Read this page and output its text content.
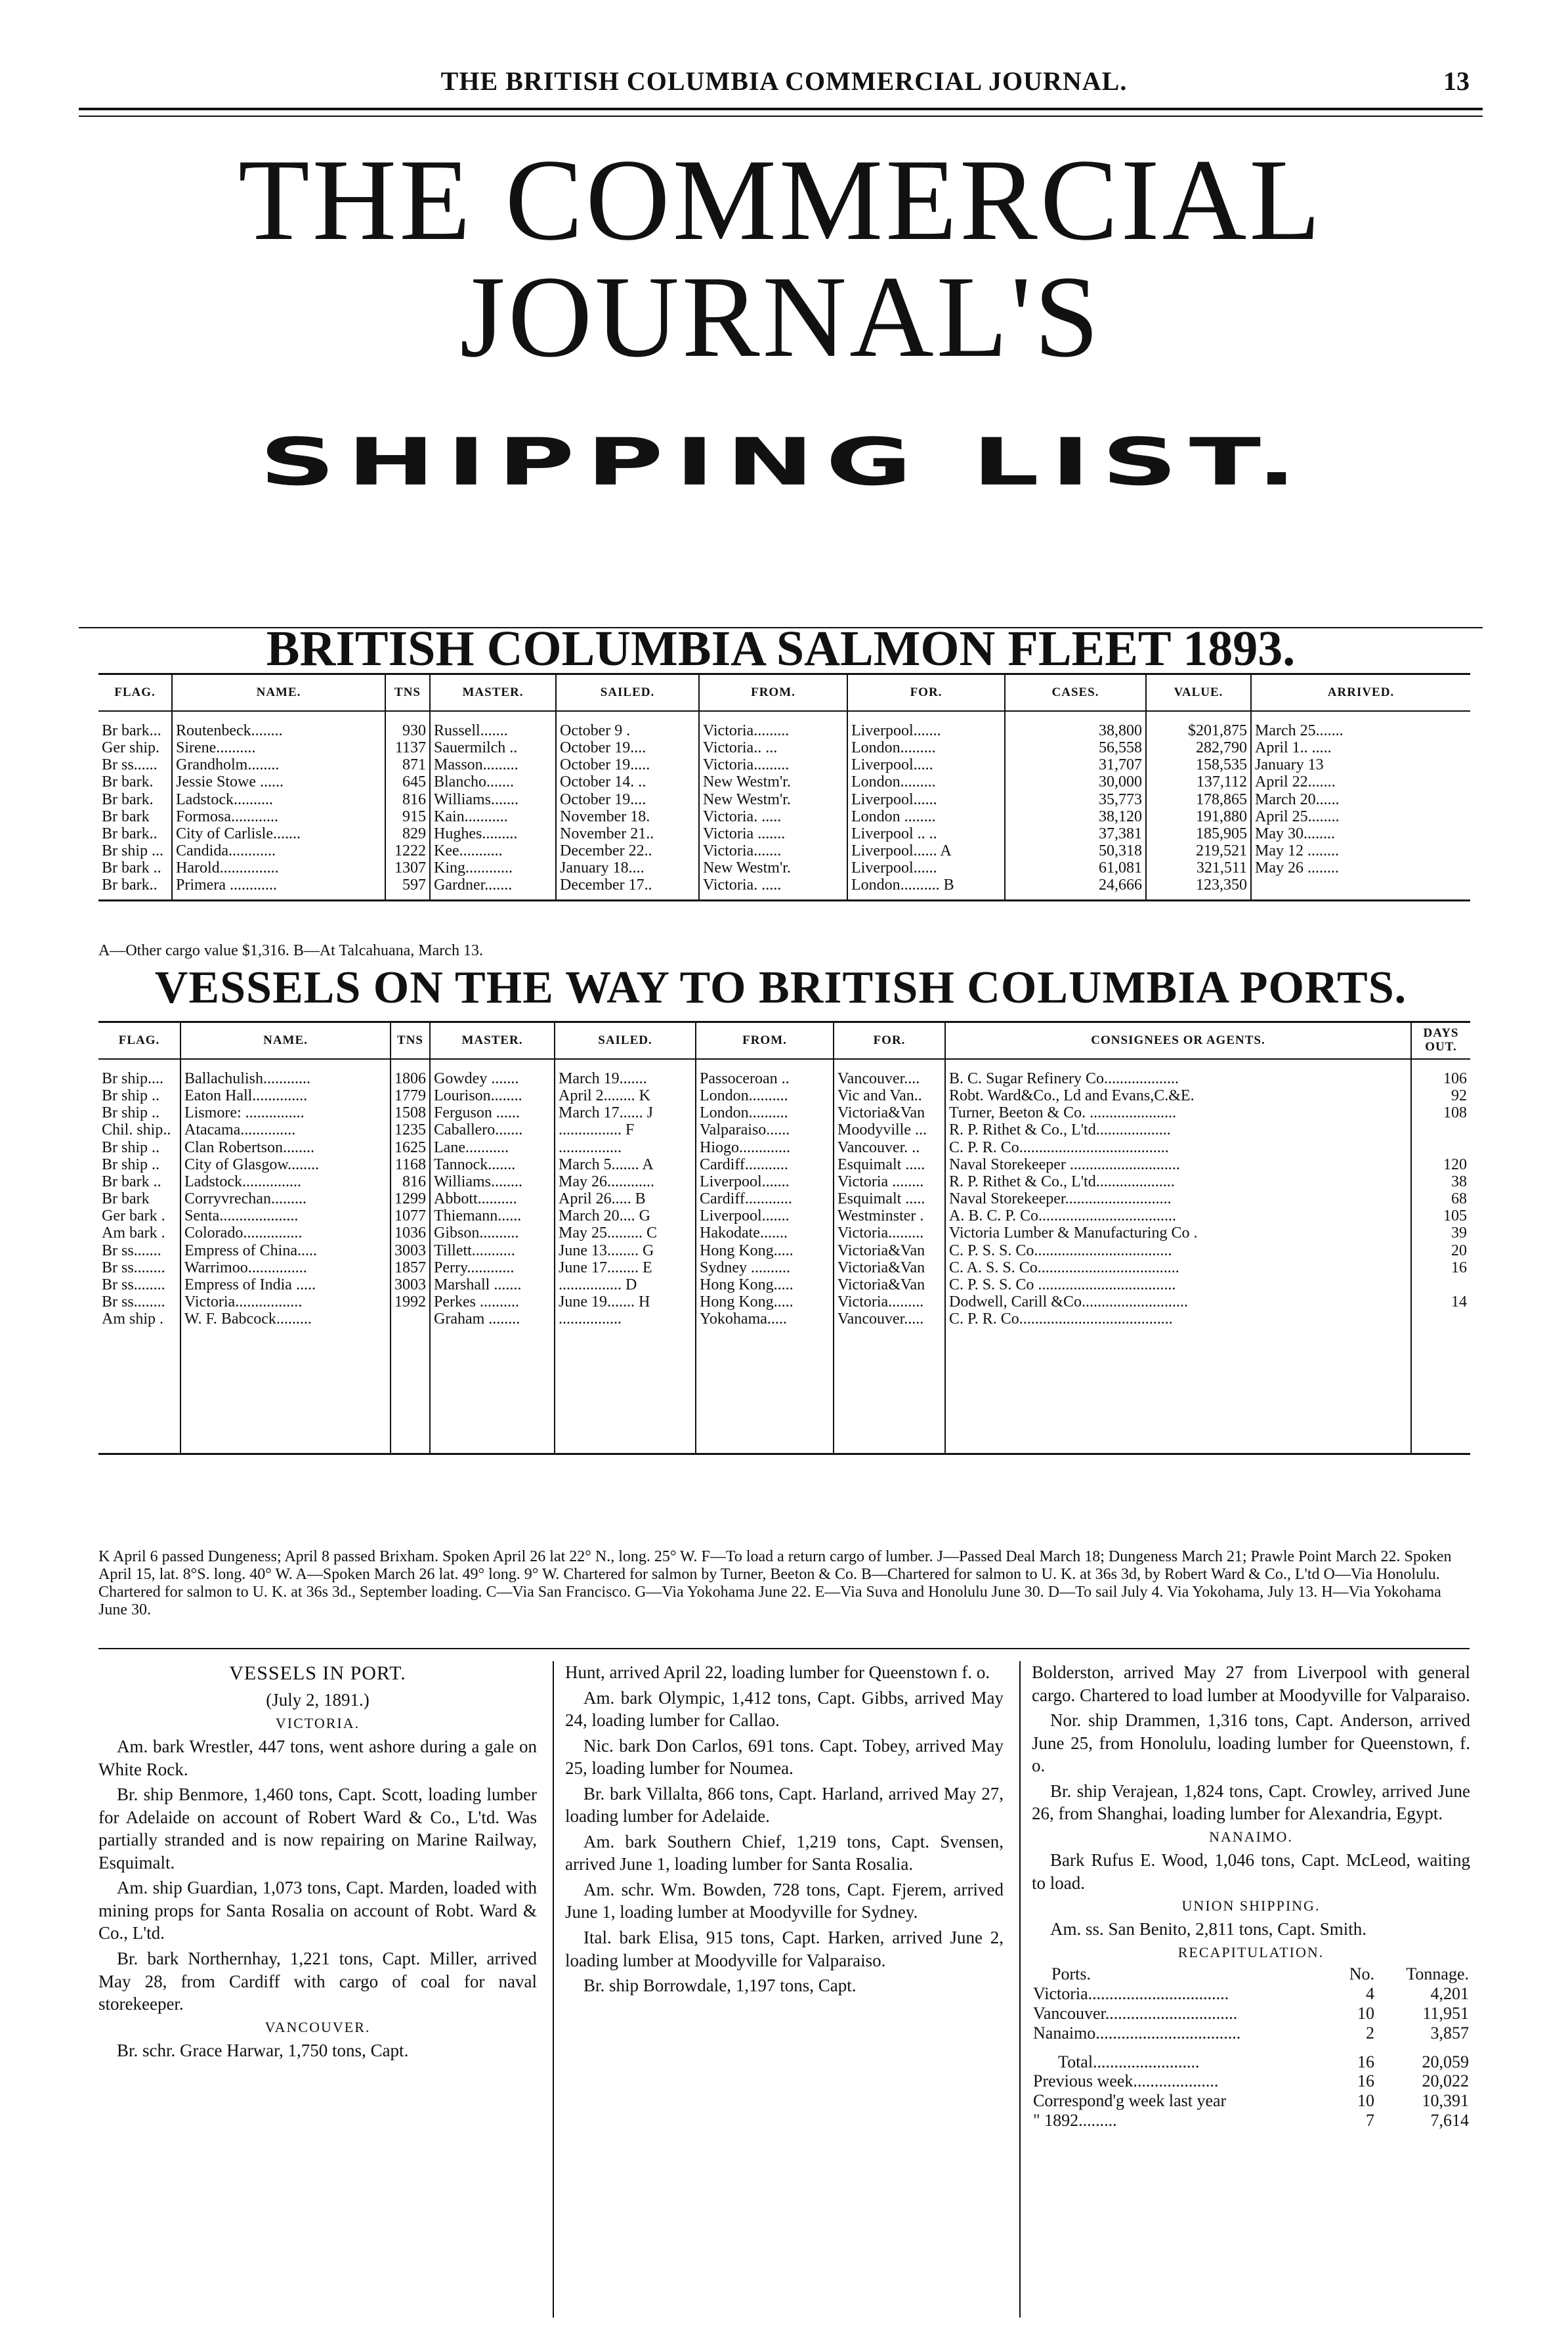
THE BRITISH COLUMBIA COMMERCIAL JOURNAL.	13
THE COMMERCIAL JOURNAL'S
SHIPPING LIST.
BRITISH COLUMBIA SALMON FLEET 1893.
FLAG.	NAME.	TNS	MASTER.	SAILED.	FROM.	FOR.	CASES.	VALUE.	ARRIVED.
Br bark...	Routenbeck........	930	Russell.......	October 9 .	Victoria.........	Liverpool.......	38,800	$201,875	March 25.......
Ger ship.	Sirene..........	1137	Sauermilch ..	October 19....	Victoria.. ...	London.........	56,558	282,790	April 1.. .....
Br ss......	Grandholm........	871	Masson.........	October 19.....	Victoria.........	Liverpool.....	31,707	158,535	January 13
Br bark.	Jessie Stowe ......	645	Blancho.......	October 14. ..	New Westm'r.	London.........	30,000	137,112	April 22.......
Br bark.	Ladstock..........	816	Williams.......	October 19....	New Westm'r.	Liverpool......	35,773	178,865	March 20......
Br bark	Formosa............	915	Kain...........	November 18.	Victoria. .....	London ........	38,120	191,880	April 25........
Br bark..	City of Carlisle.......	829	Hughes.........	November 21..	Victoria .......	Liverpool .. ..	37,381	185,905	May 30........
Br ship ...	Candida............	1222	Kee...........	December 22..	Victoria.......	Liverpool...... A	50,318	219,521	May 12 ........
Br bark ..	Harold...............	1307	King............	January 18....	New Westm'r.	Liverpool......	61,081	321,511	May 26 ........
Br bark..	Primera ............	597	Gardner.......	December 17..	Victoria. .....	London.......... B	24,666	123,350	
A—Other cargo value $1,316. B—At Talcahuana, March 13.
VESSELS ON THE WAY TO BRITISH COLUMBIA PORTS.
FLAG.	NAME.	TNS	MASTER.	SAILED.	FROM.	FOR.	CONSIGNEES OR AGENTS.	DAYS OUT.
Br ship....	Ballachulish............	1806	Gowdey .......	March 19.......	Passoceroan ..	Vancouver....	B. C. Sugar Refinery Co...................	106
Br ship ..	Eaton Hall..............	1779	Lourison........	April 2........ K	London..........	Vic and Van..	Robt. Ward&Co., Ld and Evans,C.&E.	92
Br ship ..	Lismore: ...............	1508	Ferguson ......	March 17...... J	London..........	Victoria&Van	Turner, Beeton & Co. ......................	108
Chil. ship..	Atacama..............	1235	Caballero.......	................ F	Valparaiso......	Moodyville ...	R. P. Rithet & Co., L'td...................	
Br ship ..	Clan Robertson........	1625	Lane...........	................	Hiogo.............	Vancouver. ..	C. P. R. Co......................................	
Br ship ..	City of Glasgow........	1168	Tannock.......	March 5....... A	Cardiff...........	Esquimalt .....	Naval Storekeeper ............................	120
Br bark ..	Ladstock...............	816	Williams........	May 26............	Liverpool.......	Victoria ........	R. P. Rithet & Co., L'td....................	38
Br bark	Corryvrechan.........	1299	Abbott..........	April 26..... B	Cardiff............	Esquimalt .....	Naval Storekeeper...........................	68
Ger bark .	Senta....................	1077	Thiemann......	March 20.... G	Liverpool.......	Westminster .	A. B. C. P. Co...................................	105
Am bark .	Colorado...............	1036	Gibson..........	May 25......... C	Hakodate.......	Victoria.........	Victoria Lumber & Manufacturing Co .	39
Br ss.......	Empress of China.....	3003	Tillett...........	June 13........ G	Hong Kong.....	Victoria&Van	C. P. S. S. Co...................................	20
Br ss........	Warrimoo...............	1857	Perry............	June 17........ E	Sydney ..........	Victoria&Van	C. A. S. S. Co....................................	16
Br ss........	Empress of India .....	3003	Marshall .......	................ D	Hong Kong.....	Victoria&Van	C. P. S. S. Co ...................................	
Br ss........	Victoria.................	1992	Perkes ..........	June 19....... H	Hong Kong.....	Victoria.........	Dodwell, Carill &Co...........................	14
Am ship .	W. F. Babcock.........		Graham ........	................	Yokohama.....	Vancouver.....	C. P. R. Co.......................................	

K April 6 passed Dungeness; April 8 passed Brixham. Spoken April 26 lat 22° N., long. 25° W. F—To load a return cargo of lumber. J—Passed Deal March 18; Dungeness March 21; Prawle Point March 22. Spoken April 15, lat. 8°S. long. 40° W. A—Spoken March 26 lat. 49° long. 9° W. Chartered for salmon by Turner, Beeton & Co. B—Chartered for salmon to U. K. at 36s 3d, by Robert Ward & Co., L'td O—Via Honolulu. Chartered for salmon to U. K. at 36s 3d., September loading. C—Via San Francisco. G—Via Yokohama June 22. E—Via Suva and Honolulu June 30. D—To sail July 4. Via Yokohama, July 13. H—Via Yokohama June 30.

VESSELS IN PORT.

(July 2, 1891.)

VICTORIA.

Am. bark Wrestler, 447 tons, went ashore during a gale on White Rock.

Br. ship Benmore, 1,460 tons, Capt. Scott, loading lumber for Adelaide on account of Robert Ward & Co., L'td. Was partially stranded and is now repairing on Marine Railway, Esquimalt.

Am. ship Guardian, 1,073 tons, Capt. Marden, loaded with mining props for Santa Rosalia on account of Robt. Ward & Co., L'td.

Br. bark Northernhay, 1,221 tons, Capt. Miller, arrived May 28, from Cardiff with cargo of coal for naval storekeeper.

VANCOUVER.

Br. schr. Grace Harwar, 1,750 tons, Capt.

Hunt, arrived April 22, loading lumber for Queenstown f. o.

Am. bark Olympic, 1,412 tons, Capt. Gibbs, arrived May 24, loading lumber for Callao.

Nic. bark Don Carlos, 691 tons. Capt. Tobey, arrived May 25, loading lumber for Noumea.

Br. bark Villalta, 866 tons, Capt. Harland, arrived May 27, loading lumber for Adelaide.

Am. bark Southern Chief, 1,219 tons, Capt. Svensen, arrived June 1, loading lumber for Santa Rosalia.

Am. schr. Wm. Bowden, 728 tons, Capt. Fjerem, arrived June 1, loading lumber at Moodyville for Sydney.

Ital. bark Elisa, 915 tons, Capt. Harken, arrived June 2, loading lumber at Moodyville for Valparaiso.

Br. ship Borrowdale, 1,197 tons, Capt.

Bolderston, arrived May 27 from Liverpool with general cargo. Chartered to load lumber at Moodyville for Valparaiso.

Nor. ship Drammen, 1,316 tons, Capt. Anderson, arrived June 25, from Honolulu, loading lumber for Queenstown, f. o.

Br. ship Verajean, 1,824 tons, Capt. Crowley, arrived June 26, from Shanghai, loading lumber for Alexandria, Egypt.

NANAIMO.

Bark Rufus E. Wood, 1,046 tons, Capt. McLeod, waiting to load.

UNION SHIPPING.

Am. ss. San Benito, 2,811 tons, Capt. Smith.

RECAPITULATION.

Ports.	No.	Tonnage.
Victoria.................................	4	4,201
Vancouver...............................	10	11,951
Nanaimo..................................	2	3,857
Total.........................	16	20,059
Previous week....................	16	20,022
Correspond'g week last year	10	10,391
" 1892.........	7	7,614
